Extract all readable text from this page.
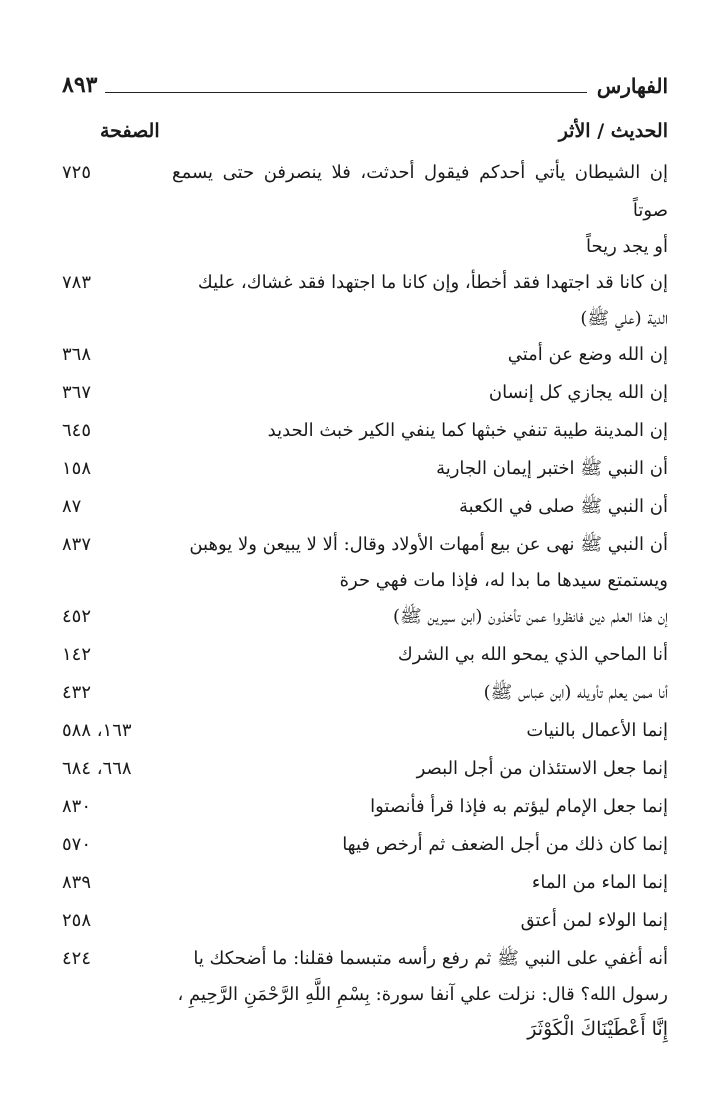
الفهارس
٨٩٣
الحديث / الأثر
الصفحة
٧٢٥	إن الشيطان يأتي أحدكم فيقول أحدثت، فلا ينصرفن حتى يسمع صوتاً
أو يجد ريحاً
٧٨٣	إن كانا قد اجتهدا فقد أخطأ، وإن كانا ما اجتهدا فقد غشاك، عليك
الدية (علي ﷺ)
٣٦٨	إن الله وضع عن أمتي
٣٦٧	إن الله يجازي كل إنسان
٦٤٥	إن المدينة طيبة تنفي خبثها كما ينفي الكير خبث الحديد
١٥٨	أن النبي ﷺ اختبر إيمان الجارية
٨٧	أن النبي ﷺ صلى في الكعبة
٨٣٧	أن النبي ﷺ نهى عن بيع أمهات الأولاد وقال: ألا لا يبيعن ولا يوهبن
ويستمتع سيدها ما بدا له، فإذا مات فهي حرة
٤٥٢	إن هذا العلم دين فانظروا عمن تأخذون (ابن سيرين ﷺ)
١٤٢	أنا الماحي الذي يمحو الله بي الشرك
٤٣٢	أنا ممن يعلم تأويله (ابن عباس ﷺ)
١٦٣، ٥٨٨	إنما الأعمال بالنيات
٦٦٨، ٦٨٤	إنما جعل الاستئذان من أجل البصر
٨٣٠	إنما جعل الإمام ليؤتم به فإذا قرأ فأنصتوا
٥٧٠	إنما كان ذلك من أجل الضعف ثم أرخص فيها
٨٣٩	إنما الماء من الماء
٢٥٨	إنما الولاء لمن أعتق
٤٢٤	أنه أغفي على النبي ﷺ ثم رفع رأسه متبسما فقلنا: ما أضحكك يا
رسول الله؟ قال: نزلت علي آنفا سورة: بِسْمِ اللَّهِ الرَّحْمَنِ الرَّحِيمِ ،
إِنَّا أَعْطَيْنَاكَ الْكَوْثَرَ
